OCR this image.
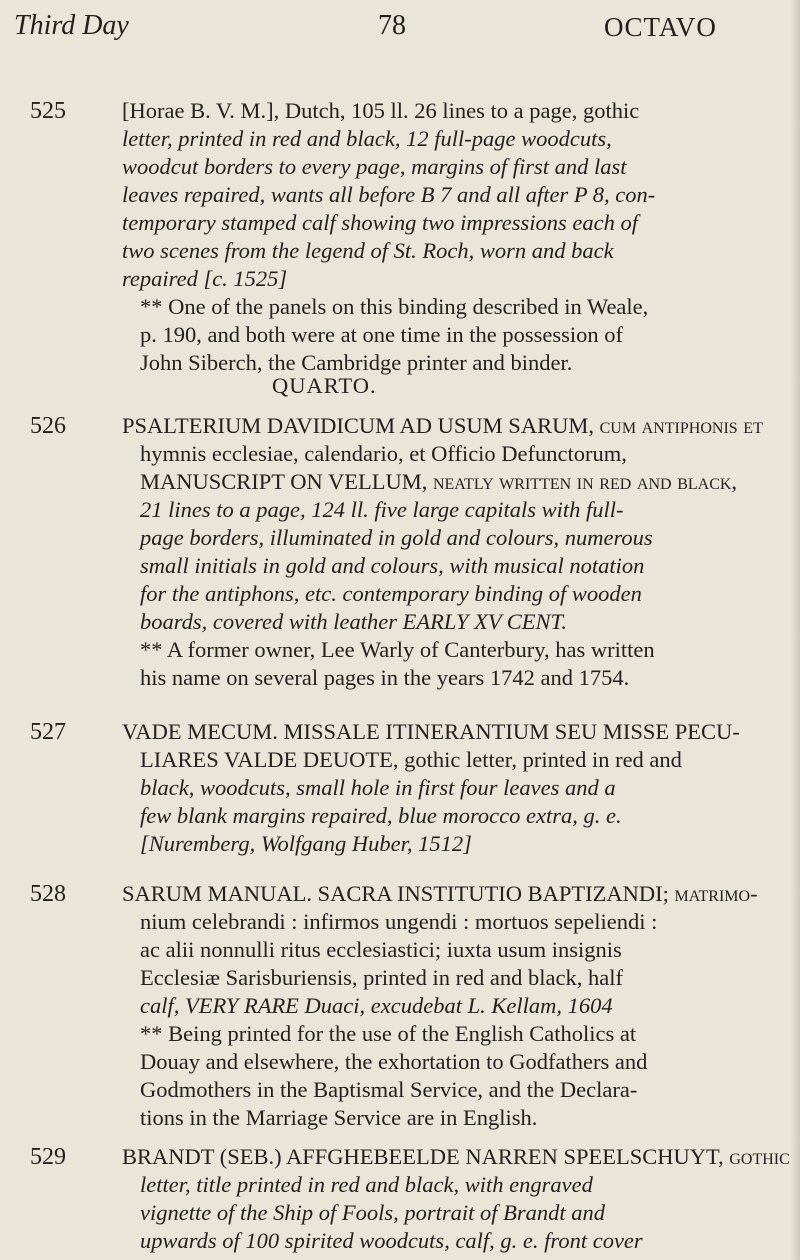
Third Day	78	OCTAVO
525 [Horae B. V. M.], Dutch, 105 ll. 26 lines to a page, gothic
letter, printed in red and black, 12 full-page woodcuts,
woodcut borders to every page, margins of first and last
leaves repaired, wants all before B 7 and all after P 8, con-
temporary stamped calf showing two impressions each of
two scenes from the legend of St. Roch, worn and back
repaired [c. 1525]
** One of the panels on this binding described in Weale,
p. 190, and both were at one time in the possession of
John Siberch, the Cambridge printer and binder.
QUARTO.
526 PSALTERIUM DAVIDICUM AD USUM SARUM, cum antiphonis et
hymnis ecclesiae, calendario, et Officio Defunctorum,
MANUSCRIPT ON VELLUM, neatly written in red and black,
21 lines to a page, 124 ll. five large capitals with full-
page borders, illuminated in gold and colours, numerous
small initials in gold and colours, with musical notation
for the antiphons, etc. contemporary binding of wooden
boards, covered with leather EARLY XV CENT.
** A former owner, Lee Warly of Canterbury, has written
his name on several pages in the years 1742 and 1754.
527 VADE MECUM. MISSALE ITINERANTIUM SEU MISSE PECU-
LIARES VALDE DEUOTE, gothic letter, printed in red and
black, woodcuts, small hole in first four leaves and a
few blank margins repaired, blue morocco extra, g. e.
[Nuremberg, Wolfgang Huber, 1512]
528 SARUM MANUAL. SACRA INSTITUTIO BAPTIZANDI; matrimo-
nium celebrandi : infirmos ungendi : mortuos sepeliendi :
ac alii nonnulli ritus ecclesiastici; iuxta usum insignis
Ecclesiæ Sarisburiensis, printed in red and black, half
calf, VERY RARE Duaci, excudebat L. Kellam, 1604
** Being printed for the use of the English Catholics at
Douay and elsewhere, the exhortation to Godfathers and
Godmothers in the Baptismal Service, and the Declara-
tions in the Marriage Service are in English.
529 BRANDT (SEB.) AFFGHEBEELDE NARREN SPEELSCHUYT, gothic
letter, title printed in red and black, with engraved
vignette of the Ship of Fools, portrait of Brandt and
upwards of 100 spirited woodcuts, calf, g. e. front cover
